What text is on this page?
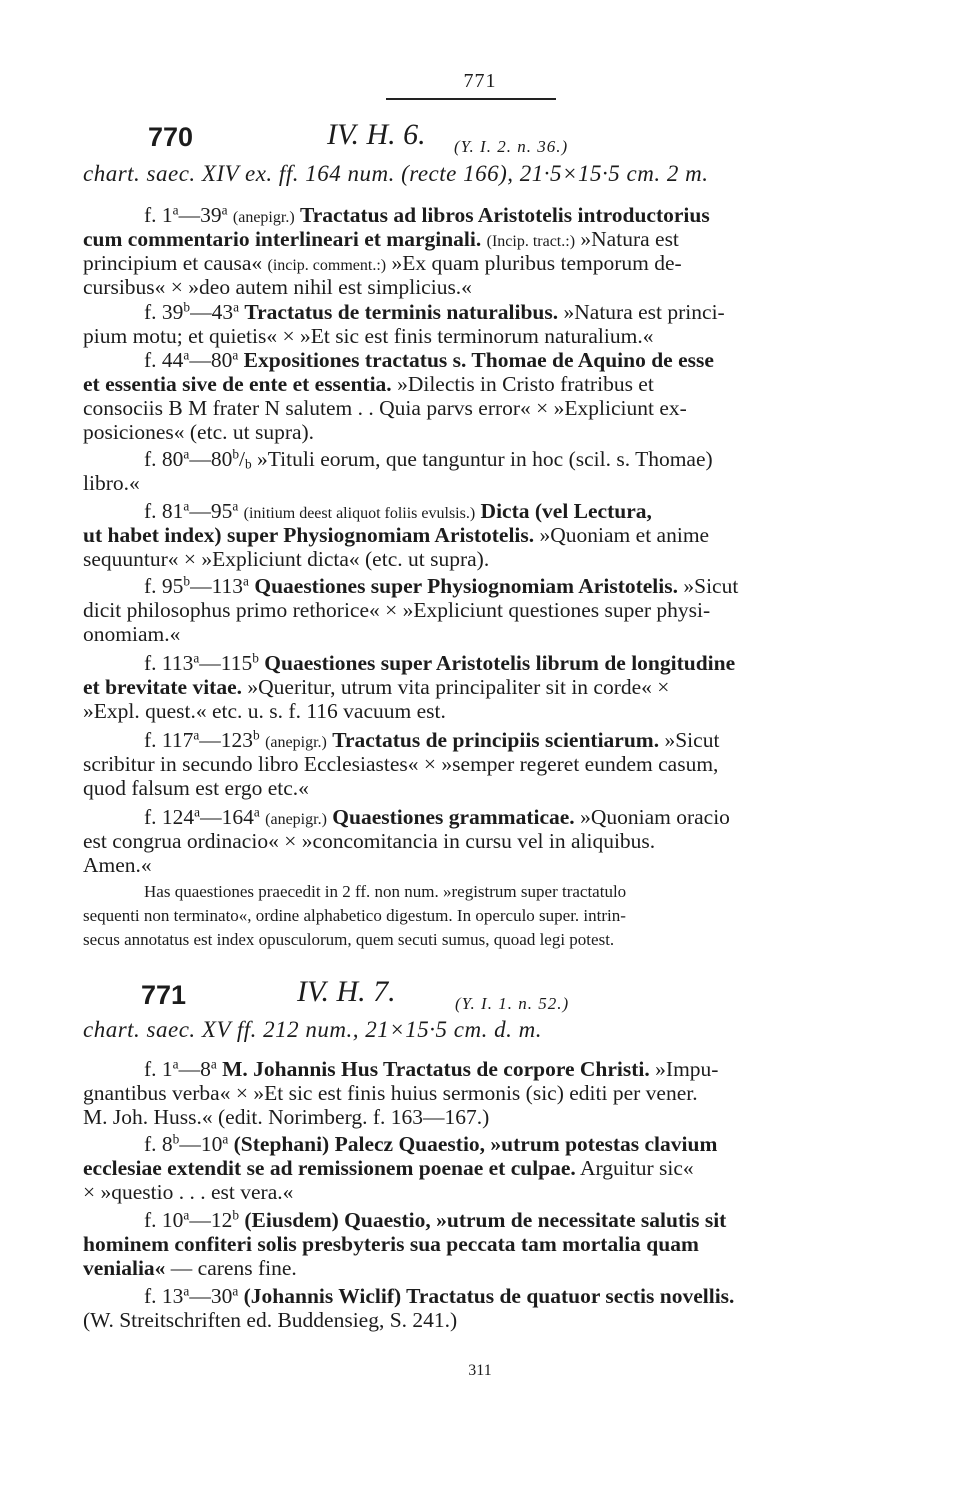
771
770	IV. H. 6. (Y. I. 2. n. 36.)
chart. saec. XIV ex. ff. 164 num. (recte 166), 21·5×15·5 cm. 2 m.
f. 1$^a$—39$^a$ (anepigr.) Tractatus ad libros Aristotelis introductorius
cum commentario interlineari et marginali. (Incip. tract.:) »Natura est
principium et causa« (incip. comment.:) »Ex quam pluribus temporum de-
cursibus« × »deo autem nihil est simplicius.«
f. 39$^b$—43$^a$ Tractatus de terminis naturalibus. »Natura est princi-
pium motu; et quietis« × »Et sic est finis terminorum naturalium.«
f. 44$^a$—80$^a$ Expositiones tractatus s. Thomae de Aquino de esse
et essentia sive de ente et essentia. »Dilectis in Cristo fratribus et
consociis B M frater N salutem . . Quia parvs error« × »Expliciunt ex-
posiciones« (etc. ut supra).
f. $80^a—80^b/_b$ »Tituli eorum, que tanguntur in hoc (scil. s. Thomae)
libro.«
f. 81$^a$—95$^a$ (initium deest aliquot foliis evulsis.) Dicta (vel Lectura,
ut habet index) super Physiognomiam Aristotelis. »Quoniam et anime
sequuntur« × »Expliciunt dicta« (etc. ut supra).
f. 95$^b$—113$^a$ Quaestiones super Physiognomiam Aristotelis. »Sicut
dicit philosophus primo rethorice« × »Expliciunt questiones super physi-
onomiam.«
f. 113$^a$—115$^b$ Quaestiones super Aristotelis librum de longitudine
et brevitate vitae. »Queritur, utrum vita principaliter sit in corde« ×
»Expl. quest.« etc. u. s. f. 116 vacuum est.
f. 117$^a$—123$^b$ (anepigr.) Tractatus de principiis scientiarum. »Sicut
scribitur in secundo libro Ecclesiastes« × »semper regeret eundem casum,
quod falsum est ergo etc.«
f. 124$^a$—164$^a$ (anepigr.) Quaestiones grammaticae. »Quoniam oracio
est congrua ordinacio« × »concomitancia in cursu vel in aliquibus.
Amen.«
Has quaestiones praecedit in 2 ff. non num. »registrum super tractatulo
sequenti non terminato«, ordine alphabetico digestum. In operculo super. intrin-
secus annotatus est index opusculorum, quem secuti sumus, quoad legi potest.
771	IV. H. 7.	(Y. I. 1. n. 52.)
chart. saec. XV ff. 212 num., 21×15·5 cm. d. m.
f. 1$^a$—8$^a$ M. Johannis Hus Tractatus de corpore Christi. »Impu-
gnantibus verba« × »Et sic est finis huius sermonis (sic) editi per vener.
M. Joh. Huss.« (edit. Norimberg. f. 163—167.)
f. 8$^b$—10$^a$ (Stephani) Palecz Quaestio, »utrum potestas clavium
ecclesiae extendit se ad remissionem poenae et culpae. Arguitur sic«
× »questio . . . est vera.«
f. 10$^a$—12$^b$ (Eiusdem) Quaestio, »utrum de necessitate salutis sit
hominem confiteri solis presbyteris sua peccata tam mortalia quam
venialia« — carens fine.
f. 13$^a$—30$^a$ (Johannis Wiclif) Tractatus de quatuor sectis novellis.
(W. Streitschriften ed. Buddensieg, S. 241.)
311
